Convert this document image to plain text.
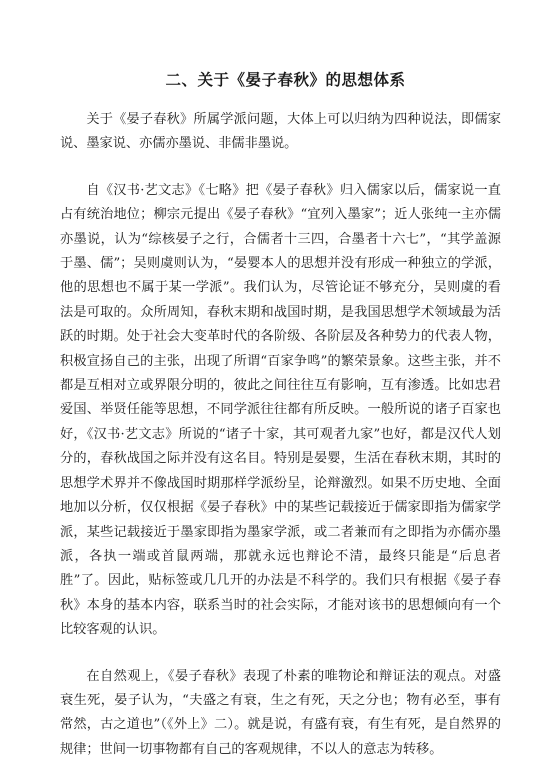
二、关于《晏子春秋》的思想体系

关于《晏子春秋》所属学派问题，大体上可以归纳为四种说法，即儒家说、墨家说、亦儒亦墨说、非儒非墨说。

自《汉书·艺文志》《七略》把《晏子春秋》归入儒家以后，儒家说一直占有统治地位；柳宗元提出《晏子春秋》“宜列入墨家”；近人张纯一主亦儒亦墨说，认为“综核晏子之行，合儒者十三四，合墨者十六七”，“其学盖源于墨、儒”；吴则虞则认为，“晏婴本人的思想并没有形成一种独立的学派，他的思想也不属于某一学派”。我们认为，尽管论证不够充分，吴则虞的看法是可取的。众所周知，春秋末期和战国时期，是我国思想学术领域最为活跃的时期。处于社会大变革时代的各阶级、各阶层及各种势力的代表人物，积极宣扬自己的主张，出现了所谓“百家争鸣”的繁荣景象。这些主张，并不都是互相对立或界限分明的，彼此之间往往互有影响，互有渗透。比如忠君爱国、举贤任能等思想，不同学派往往都有所反映。一般所说的诸子百家也好，《汉书·艺文志》所说的“诸子十家，其可观者九家”也好，都是汉代人划分的，春秋战国之际并没有这名目。特别是晏婴，生活在春秋末期，其时的思想学术界并不像战国时期那样学派纷呈，论辩激烈。如果不历史地、全面地加以分析，仅仅根据《晏子春秋》中的某些记载接近于儒家即指为儒家学派，某些记载接近于墨家即指为墨家学派，或二者兼而有之即指为亦儒亦墨派，各执一端或首鼠两端，那就永远也辩论不清，最终只能是“后息者胜”了。因此，贴标签或几几开的办法是不科学的。我们只有根据《晏子春秋》本身的基本内容，联系当时的社会实际，才能对该书的思想倾向有一个比较客观的认识。

在自然观上，《晏子春秋》表现了朴素的唯物论和辩证法的观点。对盛衰生死，晏子认为，“夫盛之有衰，生之有死，天之分也；物有必至，事有常然，古之道也”（《外上》二）。就是说，有盛有衰，有生有死，是自然界的规律；世间一切事物都有自己的客观规律，不以人的意志为转移。
